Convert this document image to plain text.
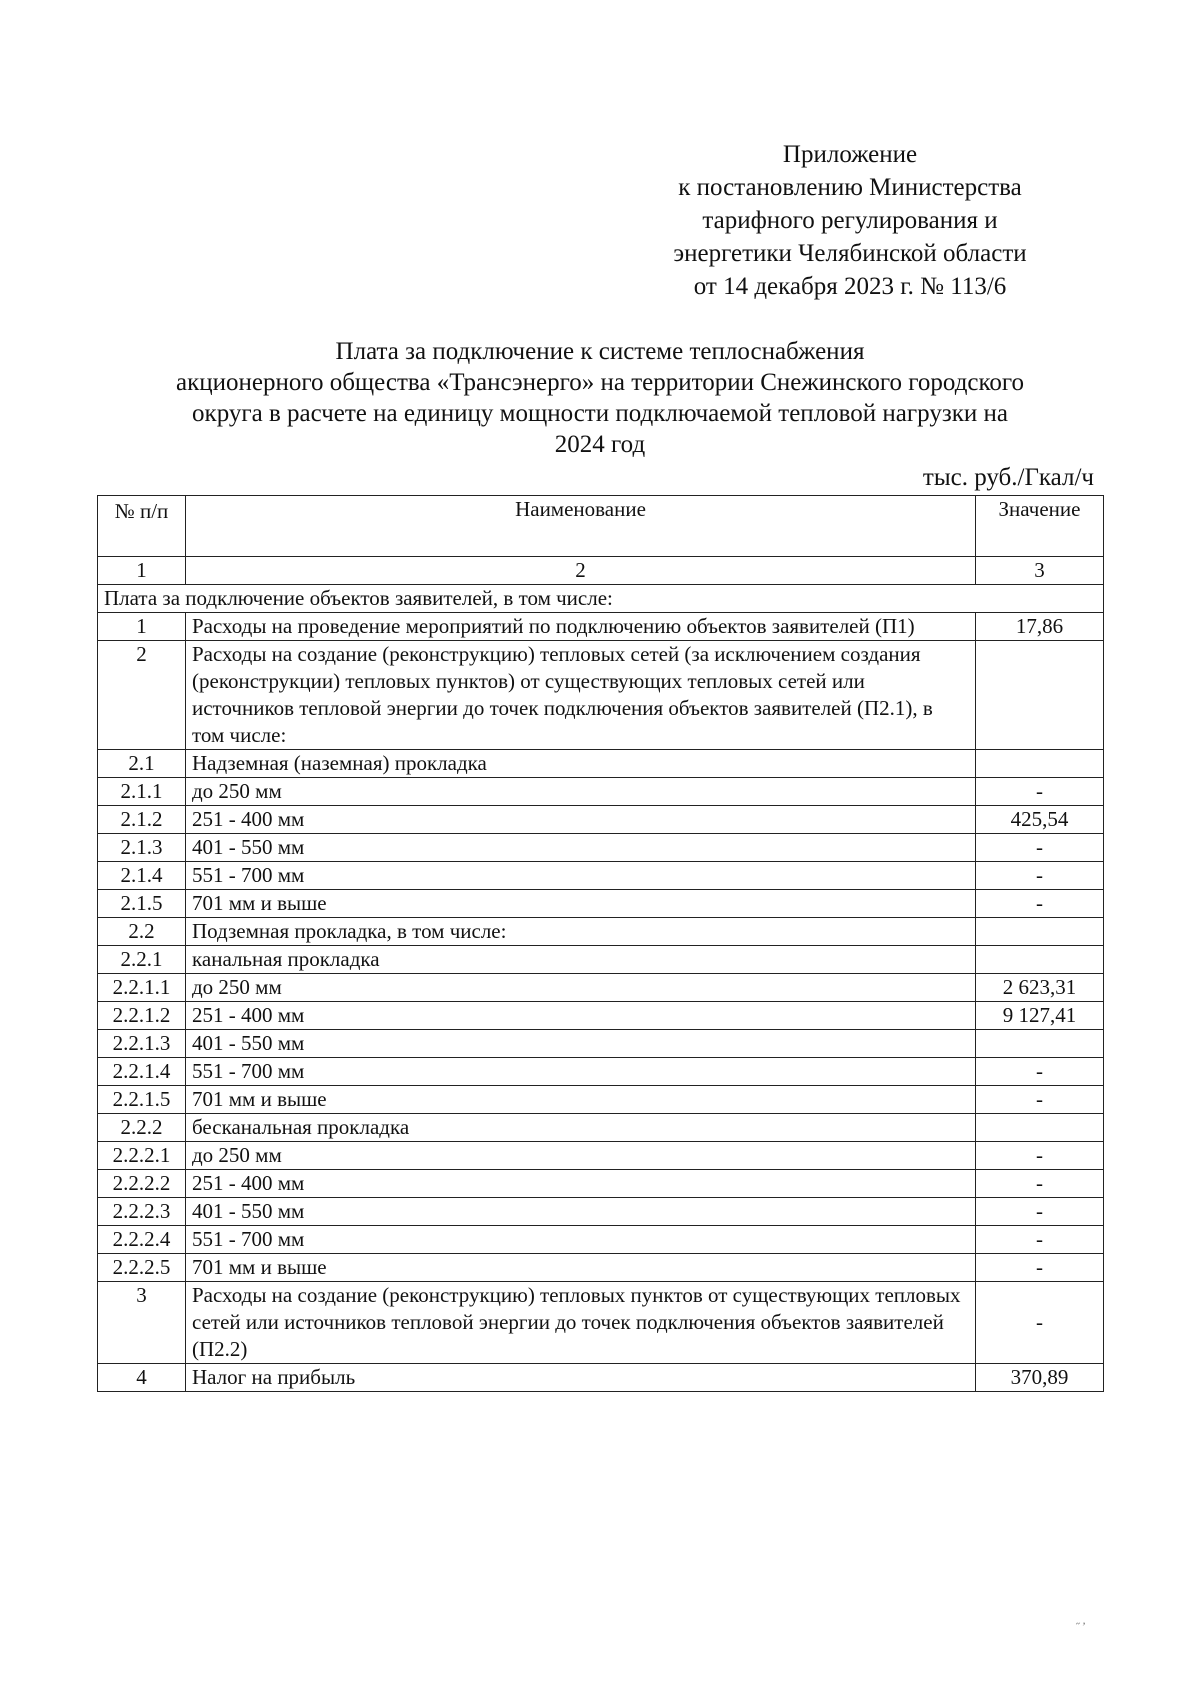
Приложение
к постановлению Министерства
тарифного регулирования и
энергетики Челябинской области
от 14 декабря 2023 г. № 113/6
Плата за подключение к системе теплоснабжения
акционерного общества «Трансэнерго» на территории Снежинского городского
округа в расчете на единицу мощности подключаемой тепловой нагрузки на
2024 год
тыс. руб./Гкал/ч
№ п/п	Наименование	Значение
1	2	3
Плата за подключение объектов заявителей, в том числе:		
1	Расходы на проведение мероприятий по подключению объектов заявителей (П1)	17,86
2	Расходы на создание (реконструкцию) тепловых сетей (за исключением создания (реконструкции) тепловых пунктов) от существующих тепловых сетей или источников тепловой энергии до точек подключения объектов заявителей (П2.1), в том числе:	
2.1	Надземная (наземная) прокладка	
2.1.1	до 250 мм	-
2.1.2	251 - 400 мм	425,54
2.1.3	401 - 550 мм	-
2.1.4	551 - 700 мм	-
2.1.5	701 мм и выше	-
2.2	Подземная прокладка, в том числе:	
2.2.1	канальная прокладка	
2.2.1.1	до 250 мм	2 623,31
2.2.1.2	251 - 400 мм	9 127,41
2.2.1.3	401 - 550 мм	
2.2.1.4	551 - 700 мм	-
2.2.1.5	701 мм и выше	-
2.2.2	бесканальная прокладка	
2.2.2.1	до 250 мм	-
2.2.2.2	251 - 400 мм	-
2.2.2.3	401 - 550 мм	-
2.2.2.4	551 - 700 мм	-
2.2.2.5	701 мм и выше	-
3	Расходы на создание (реконструкцию) тепловых пунктов от существующих тепловых сетей или источников тепловой энергии до точек подключения объектов заявителей (П2.2)	-
4	Налог на прибыль	370,89
˝ ̛
